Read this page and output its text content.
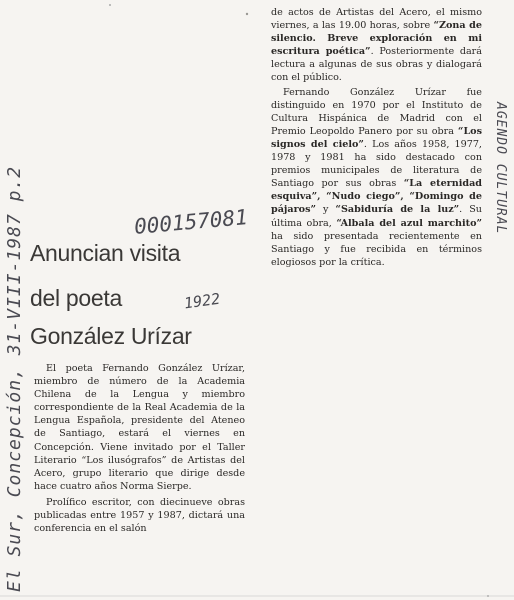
de actos de Artistas del Acero, el mismo viernes, a las 19.00 horas, sobre “Zona de silencio. Breve exploración en mi escritura poética”. Posteriormente dará lectura a algunas de sus obras y dialogará con el público.

Fernando González Urízar fue distinguido en 1970 por el Instituto de Cultura Hispánica de Madrid con el Premio Leopoldo Panero por su obra “Los signos del cielo”. Los años 1958, 1977, 1978 y 1981 ha sido destacado con premios municipales de literatura de Santiago por sus obras “La eternidad esquiva”, “Nudo ciego”, “Domingo de pájaros” y “Sabiduría de la luz”. Su última obra, “Albala del azul marchito” ha sido presentada recientemente en Santiago y fue recibida en términos elogiosos por la crítica.

Anuncian visita
del poeta
González Urízar

El poeta Fernando González Urízar, miembro de número de la Academia Chilena de la Lengua y miembro correspondiente de la Real Academia de la Lengua Española, presidente del Ateneo de Santiago, estará el viernes en Concepción. Viene invitado por el Taller Literario “Los ilusógrafos” de Artistas del Acero, grupo literario que dirige desde hace cuatro años Norma Sierpe.

Prolífico escritor, con diecinueve obras publicadas entre 1957 y 1987, dictará una conferencia en el salón

000157081
1922
El Sur, Concepción, 31-VIII-1987 p.2	AGENDO CULTURAL
